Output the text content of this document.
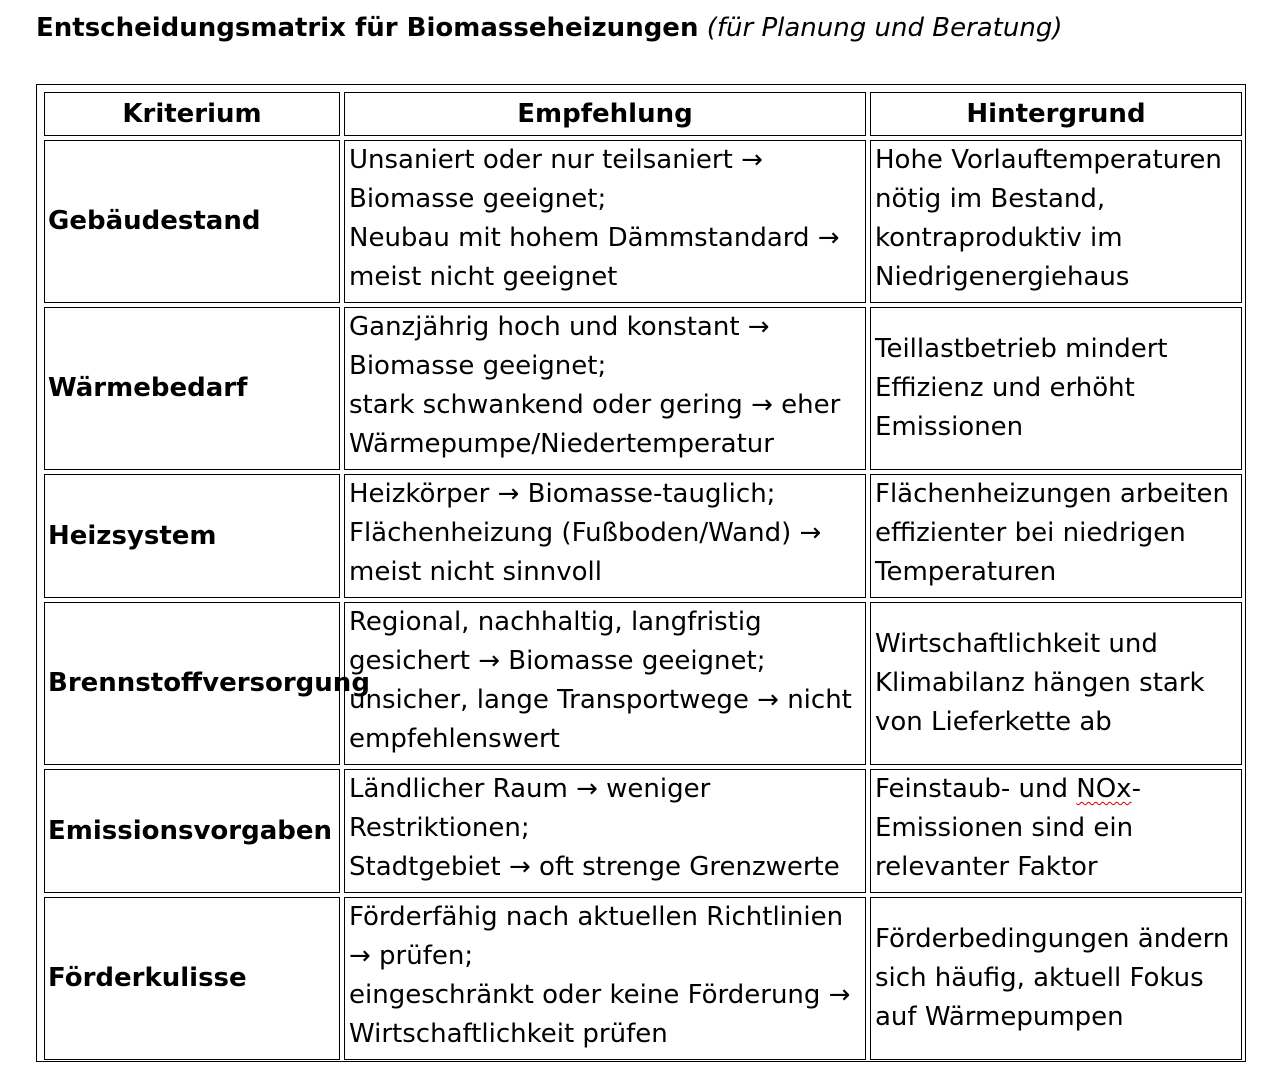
Entscheidungsmatrix für Biomasseheizungen (für Planung und Beratung)
Kriterium	Empfehlung	Hintergrund
Gebäudestand	Unsaniert oder nur teilsaniert →
Biomasse geeignet;
Neubau mit hohem Dämmstandard →
meist nicht geeignet	Hohe Vorlauftemperaturen
nötig im Bestand,
kontraproduktiv im
Niedrigenergiehaus

Wärmebedarf	Ganzjährig hoch und konstant →
Biomasse geeignet;
stark schwankend oder gering → eher
Wärmepumpe/Niedertemperatur	Teillastbetrieb mindert
Effizienz und erhöht
Emissionen

Heizsystem	Heizkörper → Biomasse-tauglich;
Flächenheizung (Fußboden/Wand) →
meist nicht sinnvoll	Flächenheizungen arbeiten
effizienter bei niedrigen
Temperaturen

Brennstoffversorgung	Regional, nachhaltig, langfristig
gesichert → Biomasse geeignet;
unsicher, lange Transportwege → nicht
empfehlenswert	Wirtschaftlichkeit und
Klimabilanz hängen stark
von Lieferkette ab

Emissionsvorgaben	Ländlicher Raum → weniger
Restriktionen;
Stadtgebiet → oft strenge Grenzwerte	Feinstaub- und NOx-
Emissionen sind ein
relevanter Faktor

Förderkulisse	Förderfähig nach aktuellen Richtlinien
→ prüfen;
eingeschränkt oder keine Förderung →
Wirtschaftlichkeit prüfen	Förderbedingungen ändern
sich häufig, aktuell Fokus
auf Wärmepumpen
